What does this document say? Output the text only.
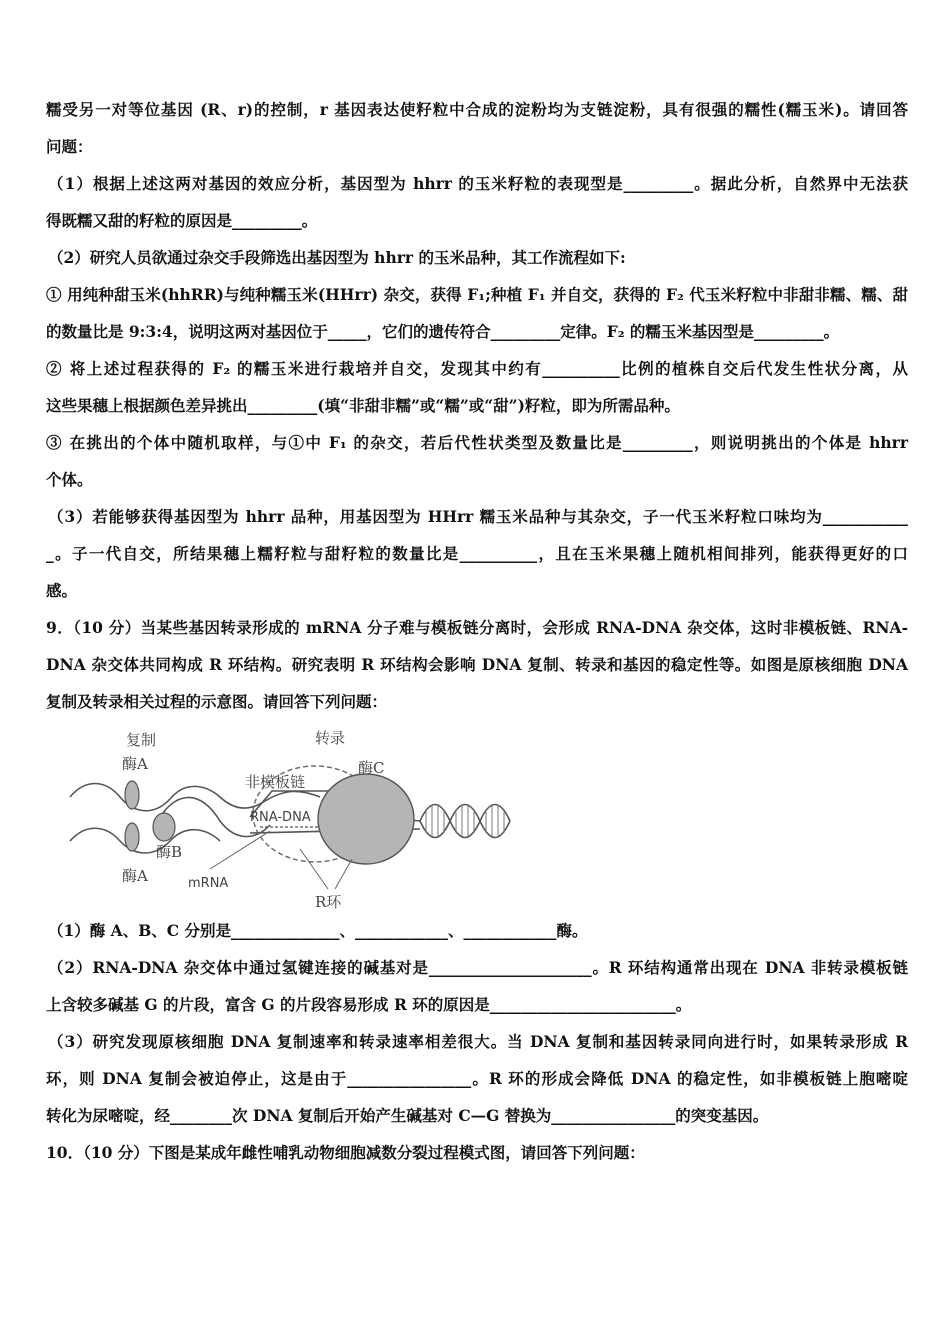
糯受另一对等位基因 (R、r)的控制，r 基因表达使籽粒中合成的淀粉均为支链淀粉，具有很强的糯性(糯玉米)。请回答
问题：
（1）根据上述这两对基因的效应分析，基因型为 hhrr 的玉米籽粒的表现型是_________。据此分析，自然界中无法获
得既糯又甜的籽粒的原因是_________。
（2）研究人员欲通过杂交手段筛选出基因型为 hhrr 的玉米品种，其工作流程如下:
① 用纯种甜玉米(hhRR)与纯种糯玉米(HHrr) 杂交，获得 F₁;种植 F₁ 并自交，获得的 F₂ 代玉米籽粒中非甜非糯、糯、甜
的数量比是 9:3:4，说明这两对基因位于_____，它们的遗传符合_________定律。F₂ 的糯玉米基因型是_________。
② 将上述过程获得的 F₂ 的糯玉米进行栽培并自交，发现其中约有__________比例的植株自交后代发生性状分离，从
这些果穗上根据颜色差异挑出_________(填“非甜非糯”或“糯”或“甜”)籽粒，即为所需品种。
③ 在挑出的个体中随机取样，与①中 F₁ 的杂交，若后代性状类型及数量比是_________，则说明挑出的个体是 hhrr
个体。
（3）若能够获得基因型为 hhrr 品种，用基因型为 HHrr 糯玉米品种与其杂交，子一代玉米籽粒口味均为___________
_。子一代自交，所结果穗上糯籽粒与甜籽粒的数量比是__________，且在玉米果穗上随机相间排列，能获得更好的口
感。
9．（10 分）当某些基因转录形成的 mRNA 分子难与模板链分离时，会形成 RNA-DNA 杂交体，这时非模板链、RNA-
DNA 杂交体共同构成 R 环结构。研究表明 R 环结构会影响 DNA 复制、转录和基因的稳定性等。如图是原核细胞 DNA
复制及转录相关过程的示意图。请回答下列问题：
复制	转录
酶A
酶A
酶B
酶C
非模板链
RNA-DNA
mRNA
R环
（1）酶 A、B、C 分别是______________、____________、____________酶。
（2）RNA-DNA 杂交体中通过氢键连接的碱基对是_____________________。R 环结构通常出现在 DNA 非转录模板链
上含较多碱基 G 的片段，富含 G 的片段容易形成 R 环的原因是________________________。
（3）研究发现原核细胞 DNA 复制速率和转录速率相差很大。当 DNA 复制和基因转录同向进行时，如果转录形成 R
环，则 DNA 复制会被迫停止，这是由于________________。R 环的形成会降低 DNA 的稳定性，如非模板链上胞嘧啶
转化为尿嘧啶，经________次 DNA 复制后开始产生碱基对 C—G 替换为________________的突变基因。
10．（10 分）下图是某成年雌性哺乳动物细胞减数分裂过程模式图，请回答下列问题：
